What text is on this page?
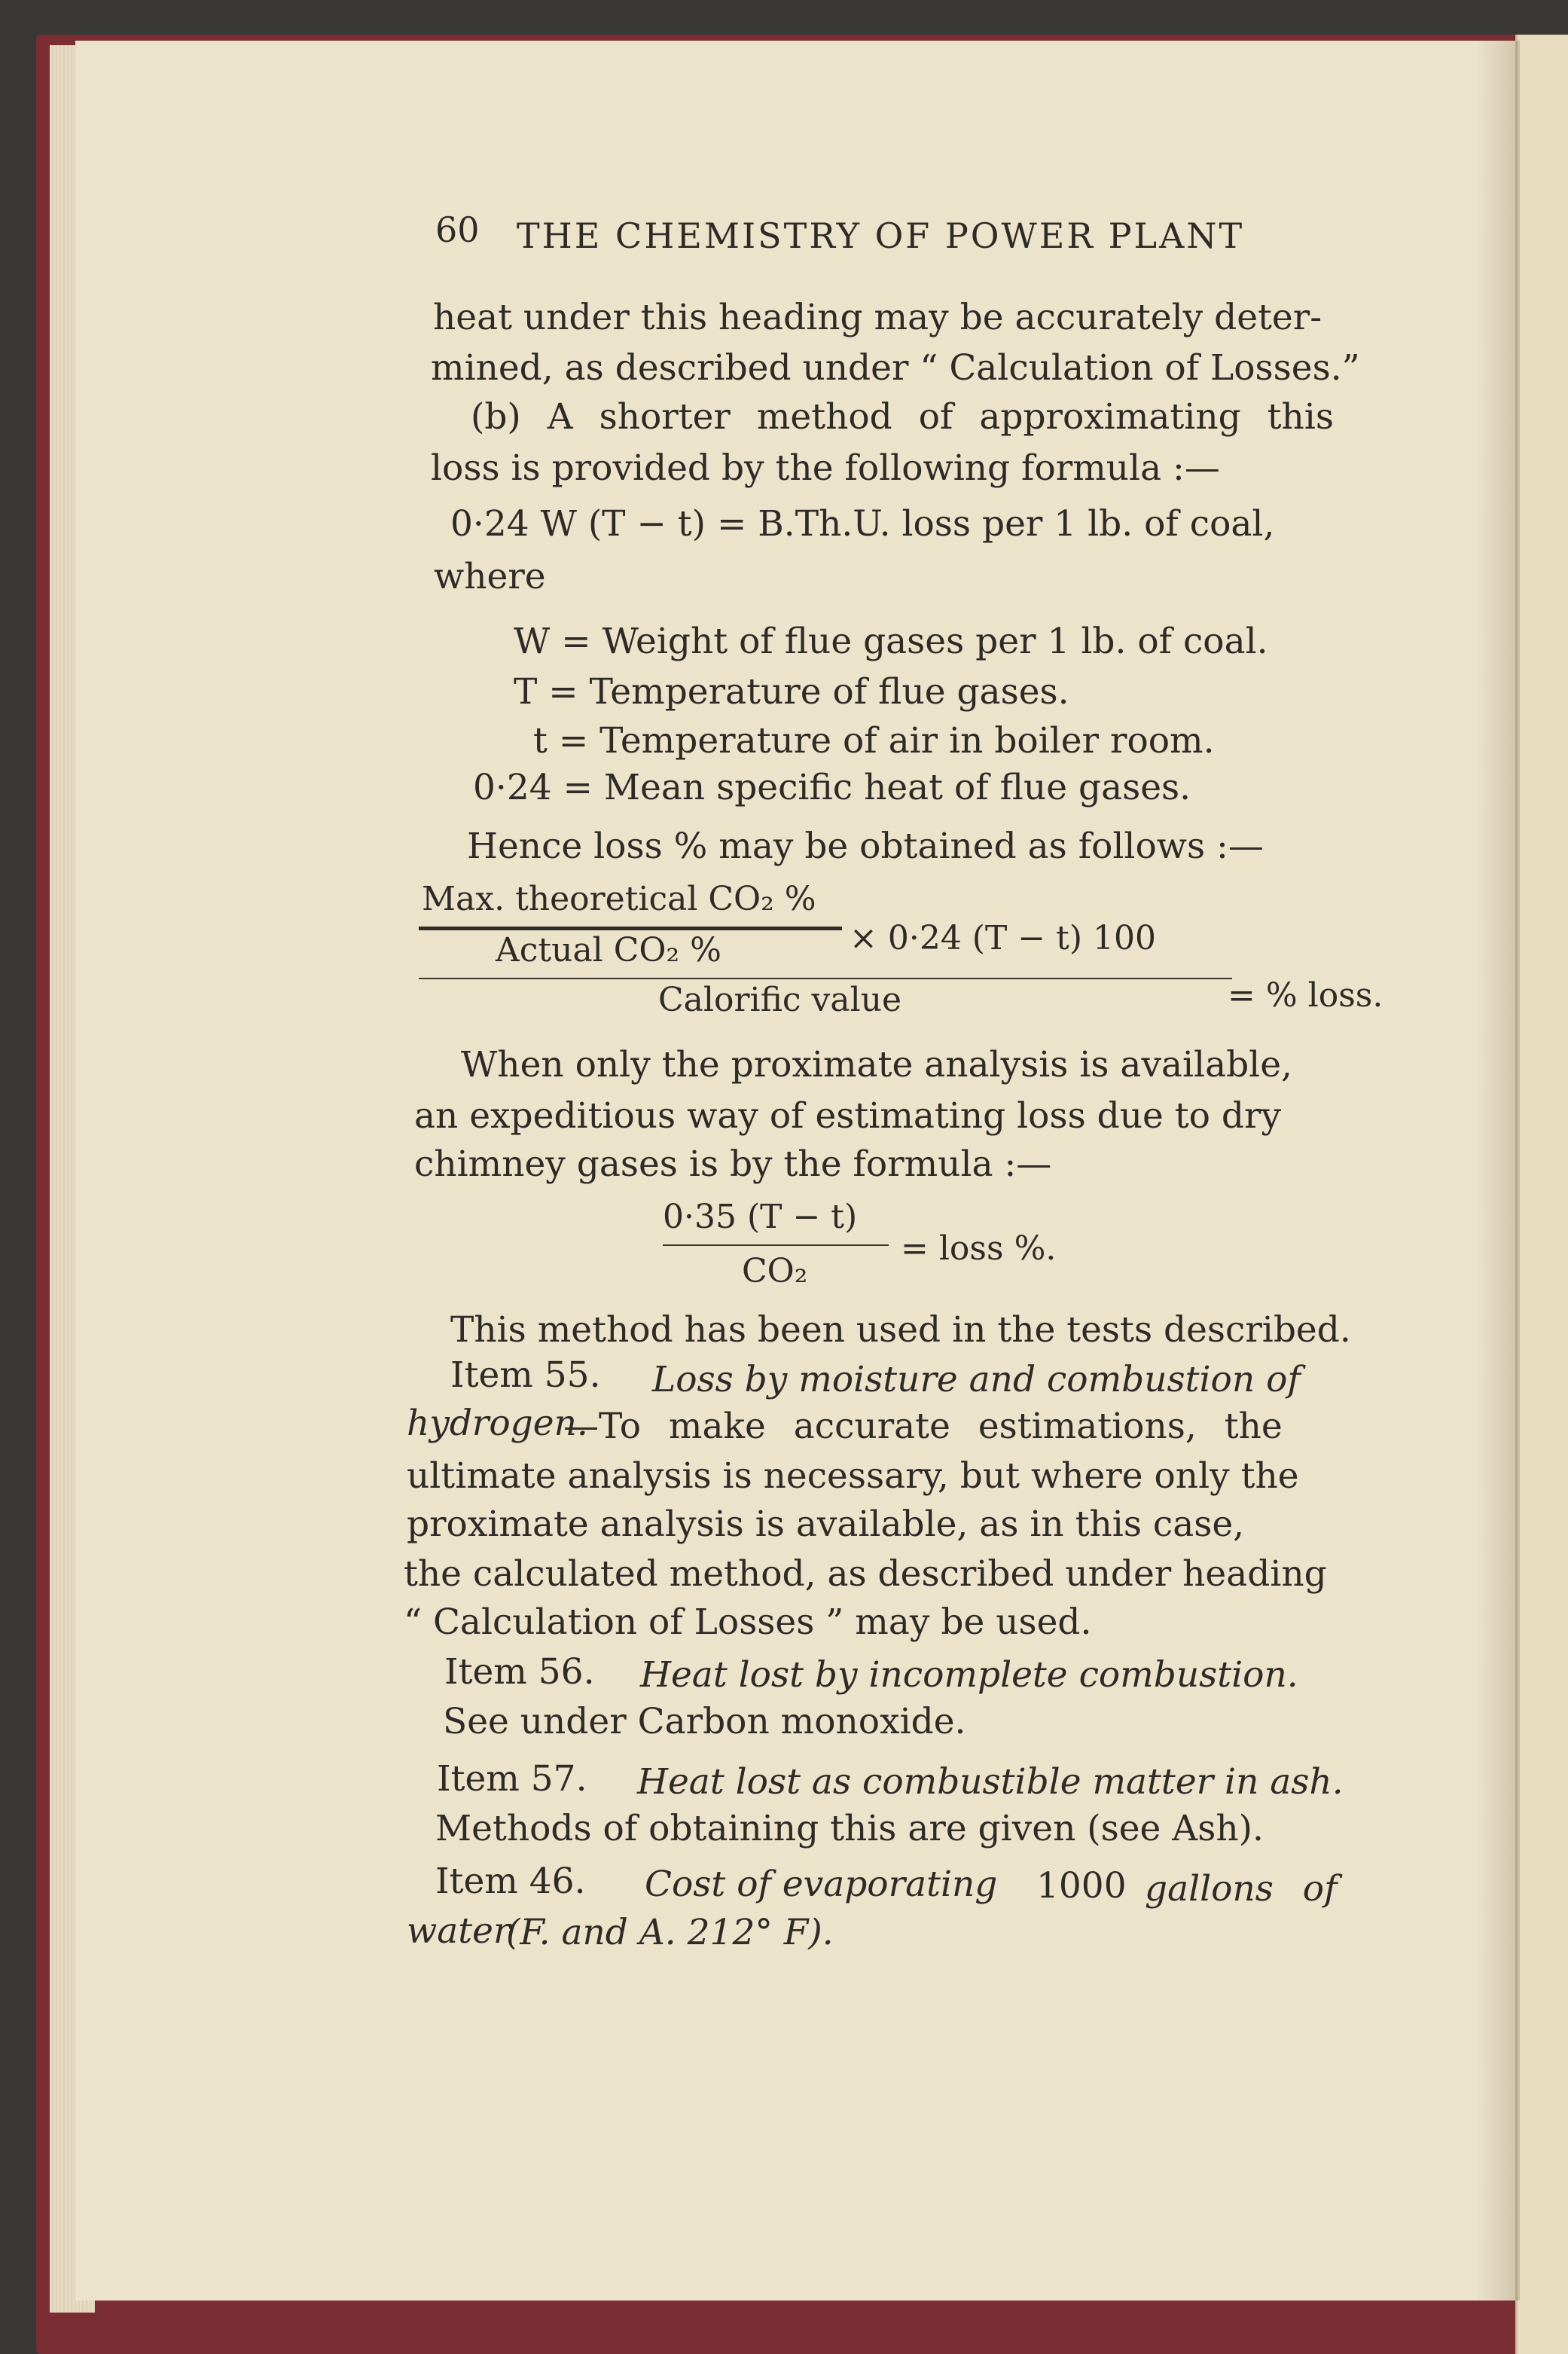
60 THE CHEMISTRY OF POWER PLANT
heat under this heading may be accurately deter-
mined, as described under “ Calculation of Losses.”
(b) A shorter method of approximating this
loss is provided by the following formula :—
0·24 W (T − t) = B.Th.U. loss per 1 lb. of coal,
where
W = Weight of flue gases per 1 lb. of coal.
T = Temperature of flue gases.
t = Temperature of air in boiler room.
0·24 = Mean specific heat of flue gases.
Hence loss % may be obtained as follows :—
Max. theoretical CO₂ %
Actual CO₂ %	× 0·24 (T − t) 100
Calorific value	= % loss.
When only the proximate analysis is available,
an expeditious way of estimating loss due to dry
chimney gases is by the formula :—
0·35 (T − t)
CO₂
= loss %.
This method has been used in the tests described.
Item 55. Loss by moisture and combustion of
hydrogen.
—To make accurate estimations, the
ultimate analysis is necessary, but where only the
proximate analysis is available, as in this case,
the calculated method, as described under heading
“ Calculation of Losses ” may be used.
Item 56. Heat lost by incomplete combustion.
See under Carbon monoxide.
Item 57. Heat lost as combustible matter in ash.
Methods of obtaining this are given (see Ash).
Item 46. Cost of evaporating 1000 gallons of
water
(F. and A. 212° F).
